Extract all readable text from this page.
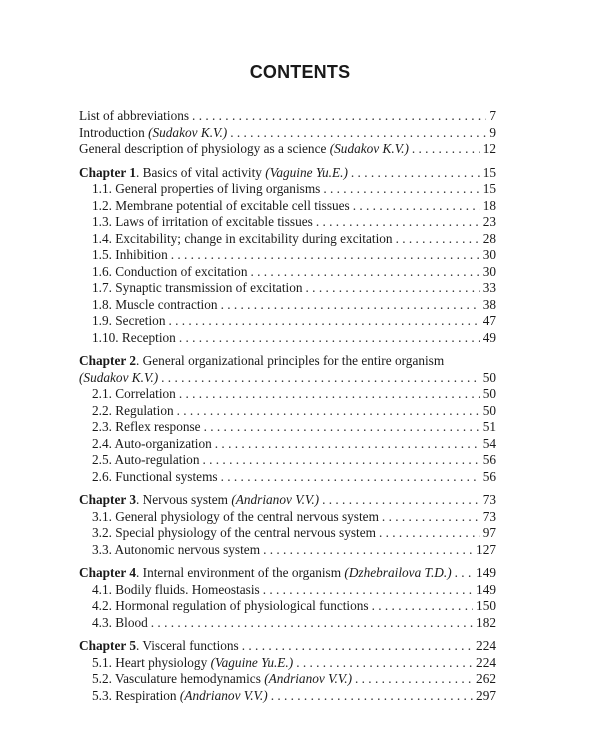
CONTENTS
List of abbreviations . . .	7
Introduction (Sudakov K.V.) . . .	9
General description of physiology as a science (Sudakov K.V.) . . .	12
Chapter 1. Basics of vital activity (Vaguine Yu.E.) . . .	15
1.1. General properties of living organisms . . .	15
1.2. Membrane potential of excitable cell tissues . . .	18
1.3. Laws of irritation of excitable tissues . . .	23
1.4. Excitability; change in excitability during excitation . . .	28
1.5. Inhibition . . .	30
1.6. Conduction of excitation . . .	30
1.7. Synaptic transmission of excitation . . .	33
1.8. Muscle contraction . . .	38
1.9. Secretion . . .	47
1.10. Reception . . .	49
Chapter 2. General organizational principles for the entire organism
(Sudakov K.V.) . . .	50
2.1. Correlation . . .	50
2.2. Regulation . . .	50
2.3. Reflex response . . .	51
2.4. Auto-organization . . .	54
2.5. Auto-regulation . . .	56
2.6. Functional systems . . .	56
Chapter 3. Nervous system (Andrianov V.V.) . . .	73
3.1. General physiology of the central nervous system . . .	73
3.2. Special physiology of the central nervous system . . .	97
3.3. Autonomic nervous system . . .	127
Chapter 4. Internal environment of the organism (Dzhebrailova T.D.) . . . 149
4.1. Bodily fluids. Homeostasis . . .	149
4.2. Hormonal regulation of physiological functions . . .	150
4.3. Blood . . .	182
Chapter 5. Visceral functions . . .	224
5.1. Heart physiology (Vaguine Yu.E.) . . .	224
5.2. Vasculature hemodynamics (Andrianov V.V.) . . .	262
5.3. Respiration (Andrianov V.V.) . . .	297
